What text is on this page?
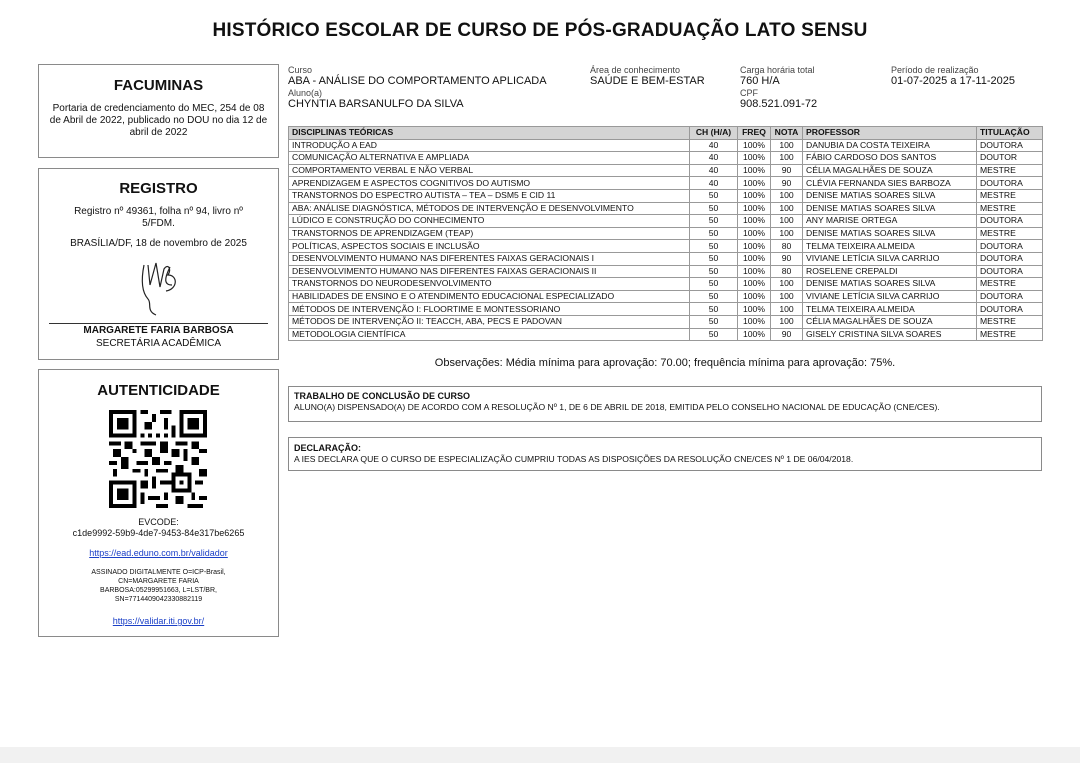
HISTÓRICO ESCOLAR DE CURSO DE PÓS-GRADUAÇÃO LATO SENSU
FACUMINAS
Portaria de credenciamento do MEC, 254 de 08 de Abril de 2022, publicado no DOU no dia 12 de abril de 2022
REGISTRO
Registro nº 49361, folha nº 94, livro nº 5/FDM.
BRASÍLIA/DF, 18 de novembro de 2025
MARGARETE FARIA BARBOSA
SECRETÁRIA ACADÊMICA
AUTENTICIDADE
EVCODE:
c1de9992-59b9-4de7-9453-84e317be6265
https://ead.eduno.com.br/validador
ASSINADO DIGITALMENTE O=ICP-Brasil, CN=MARGARETE FARIA BARBOSA:05299951663, L=LST/BR, SN=7714409042330882119
https://validar.iti.gov.br/
Curso
ABA - ANÁLISE DO COMPORTAMENTO APLICADA
Área de conhecimento
SAÚDE E BEM-ESTAR
Carga horária total
760 H/A
Período de realização
01-07-2025 a 17-11-2025
Aluno(a)
CHYNTIA BARSANULFO DA SILVA
CPF
908.521.091-72
DISCIPLINAS TEÓRICAS	CH (H/A)	FREQ	NOTA	PROFESSOR	TITULAÇÃO
INTRODUÇÃO A EAD	40	100%	100	DANUBIA DA COSTA TEIXEIRA	DOUTORA
COMUNICAÇÃO ALTERNATIVA E AMPLIADA	40	100%	100	FÁBIO CARDOSO DOS SANTOS	DOUTOR
COMPORTAMENTO VERBAL E NÃO VERBAL	40	100%	90	CÉLIA MAGALHÃES DE SOUZA	MESTRE
APRENDIZAGEM E ASPECTOS COGNITIVOS DO AUTISMO	40	100%	90	CLÉVIA FERNANDA SIES BARBOZA	DOUTORA
TRANSTORNOS DO ESPECTRO AUTISTA – TEA – DSM5 E CID 11	50	100%	100	DENISE MATIAS SOARES SILVA	MESTRE
ABA: ANÁLISE DIAGNÓSTICA, MÉTODOS DE INTERVENÇÃO E DESENVOLVIMENTO	50	100%	100	DENISE MATIAS SOARES SILVA	MESTRE
LÚDICO E CONSTRUÇÃO DO CONHECIMENTO	50	100%	100	ANY MARISE ORTEGA	DOUTORA
TRANSTORNOS DE APRENDIZAGEM (TEAP)	50	100%	100	DENISE MATIAS SOARES SILVA	MESTRE
POLÍTICAS, ASPECTOS SOCIAIS E INCLUSÃO	50	100%	80	TELMA TEIXEIRA ALMEIDA	DOUTORA
DESENVOLVIMENTO HUMANO NAS DIFERENTES FAIXAS GERACIONAIS I	50	100%	90	VIVIANE LETÍCIA SILVA CARRIJO	DOUTORA
DESENVOLVIMENTO HUMANO NAS DIFERENTES FAIXAS GERACIONAIS II	50	100%	80	ROSELENE CREPALDI	DOUTORA
TRANSTORNOS DO NEURODESENVOLVIMENTO	50	100%	100	DENISE MATIAS SOARES SILVA	MESTRE
HABILIDADES DE ENSINO E O ATENDIMENTO EDUCACIONAL ESPECIALIZADO	50	100%	100	VIVIANE LETÍCIA SILVA CARRIJO	DOUTORA
MÉTODOS DE INTERVENÇÃO I: FLOORTIME E MONTESSORIANO	50	100%	100	TELMA TEIXEIRA ALMEIDA	DOUTORA
MÉTODOS DE INTERVENÇÃO II: TEACCH, ABA, PECS E PADOVAN	50	100%	100	CÉLIA MAGALHÃES DE SOUZA	MESTRE
METODOLOGIA CIENTÍFICA	50	100%	90	GISELY CRISTINA SILVA SOARES	MESTRE
Observações: Média mínima para aprovação: 70.00; frequência mínima para aprovação: 75%.
TRABALHO DE CONCLUSÃO DE CURSO
ALUNO(A) DISPENSADO(A) DE ACORDO COM A RESOLUÇÃO Nº 1, DE 6 DE ABRIL DE 2018, EMITIDA PELO CONSELHO NACIONAL DE EDUCAÇÃO (CNE/CES).
DECLARAÇÃO:
A IES DECLARA QUE O CURSO DE ESPECIALIZAÇÃO CUMPRIU TODAS AS DISPOSIÇÕES DA RESOLUÇÃO CNE/CES Nº 1 DE 06/04/2018.
